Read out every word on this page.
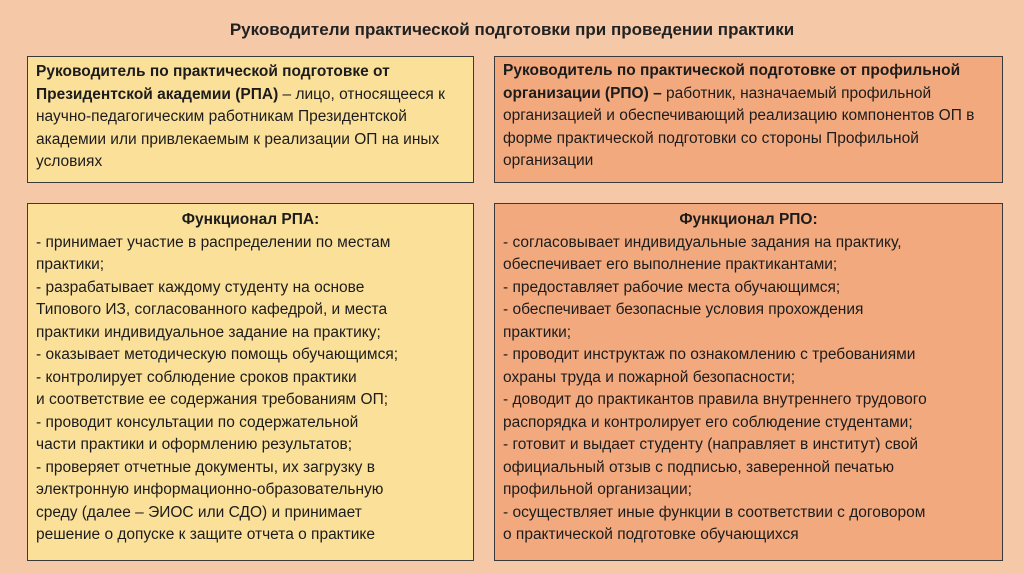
Руководители практической подготовки при проведении практики
Руководитель по практической подготовке от Президентской академии (РПА) – лицо, относящееся к научно-педагогическим работникам Президентской академии или привлекаемым к реализации ОП на иных условиях
Руководитель по практической подготовке от профильной организации (РПО) – работник, назначаемый профильной организацией и обеспечивающий реализацию компонентов ОП в форме практической подготовки со стороны Профильной организации
Функционал РПА:
- принимает участие в распределении по местам
практики;
- разрабатывает каждому студенту на основе
Типового ИЗ, согласованного кафедрой, и места
практики индивидуальное задание на практику;
- оказывает методическую помощь обучающимся;
- контролирует соблюдение сроков практики
и соответствие ее содержания требованиям ОП;
- проводит консультации по содержательной
части практики и оформлению результатов;
- проверяет отчетные документы, их загрузку в
электронную информационно-образовательную
среду (далее – ЭИОС или СДО) и принимает
решение о допуске к защите отчета о практике
Функционал РПО:
- согласовывает индивидуальные задания на практику,
обеспечивает его выполнение практикантами;
- предоставляет рабочие места обучающимся;
- обеспечивает безопасные условия прохождения
практики;
- проводит инструктаж по ознакомлению с требованиями
охраны труда и пожарной безопасности;
- доводит до практикантов правила внутреннего трудового
распорядка и контролирует его соблюдение студентами;
- готовит и выдает студенту (направляет в институт) свой
официальный отзыв с подписью, заверенной печатью
профильной организации;
- осуществляет иные функции в соответствии с договором
о практической подготовке обучающихся
